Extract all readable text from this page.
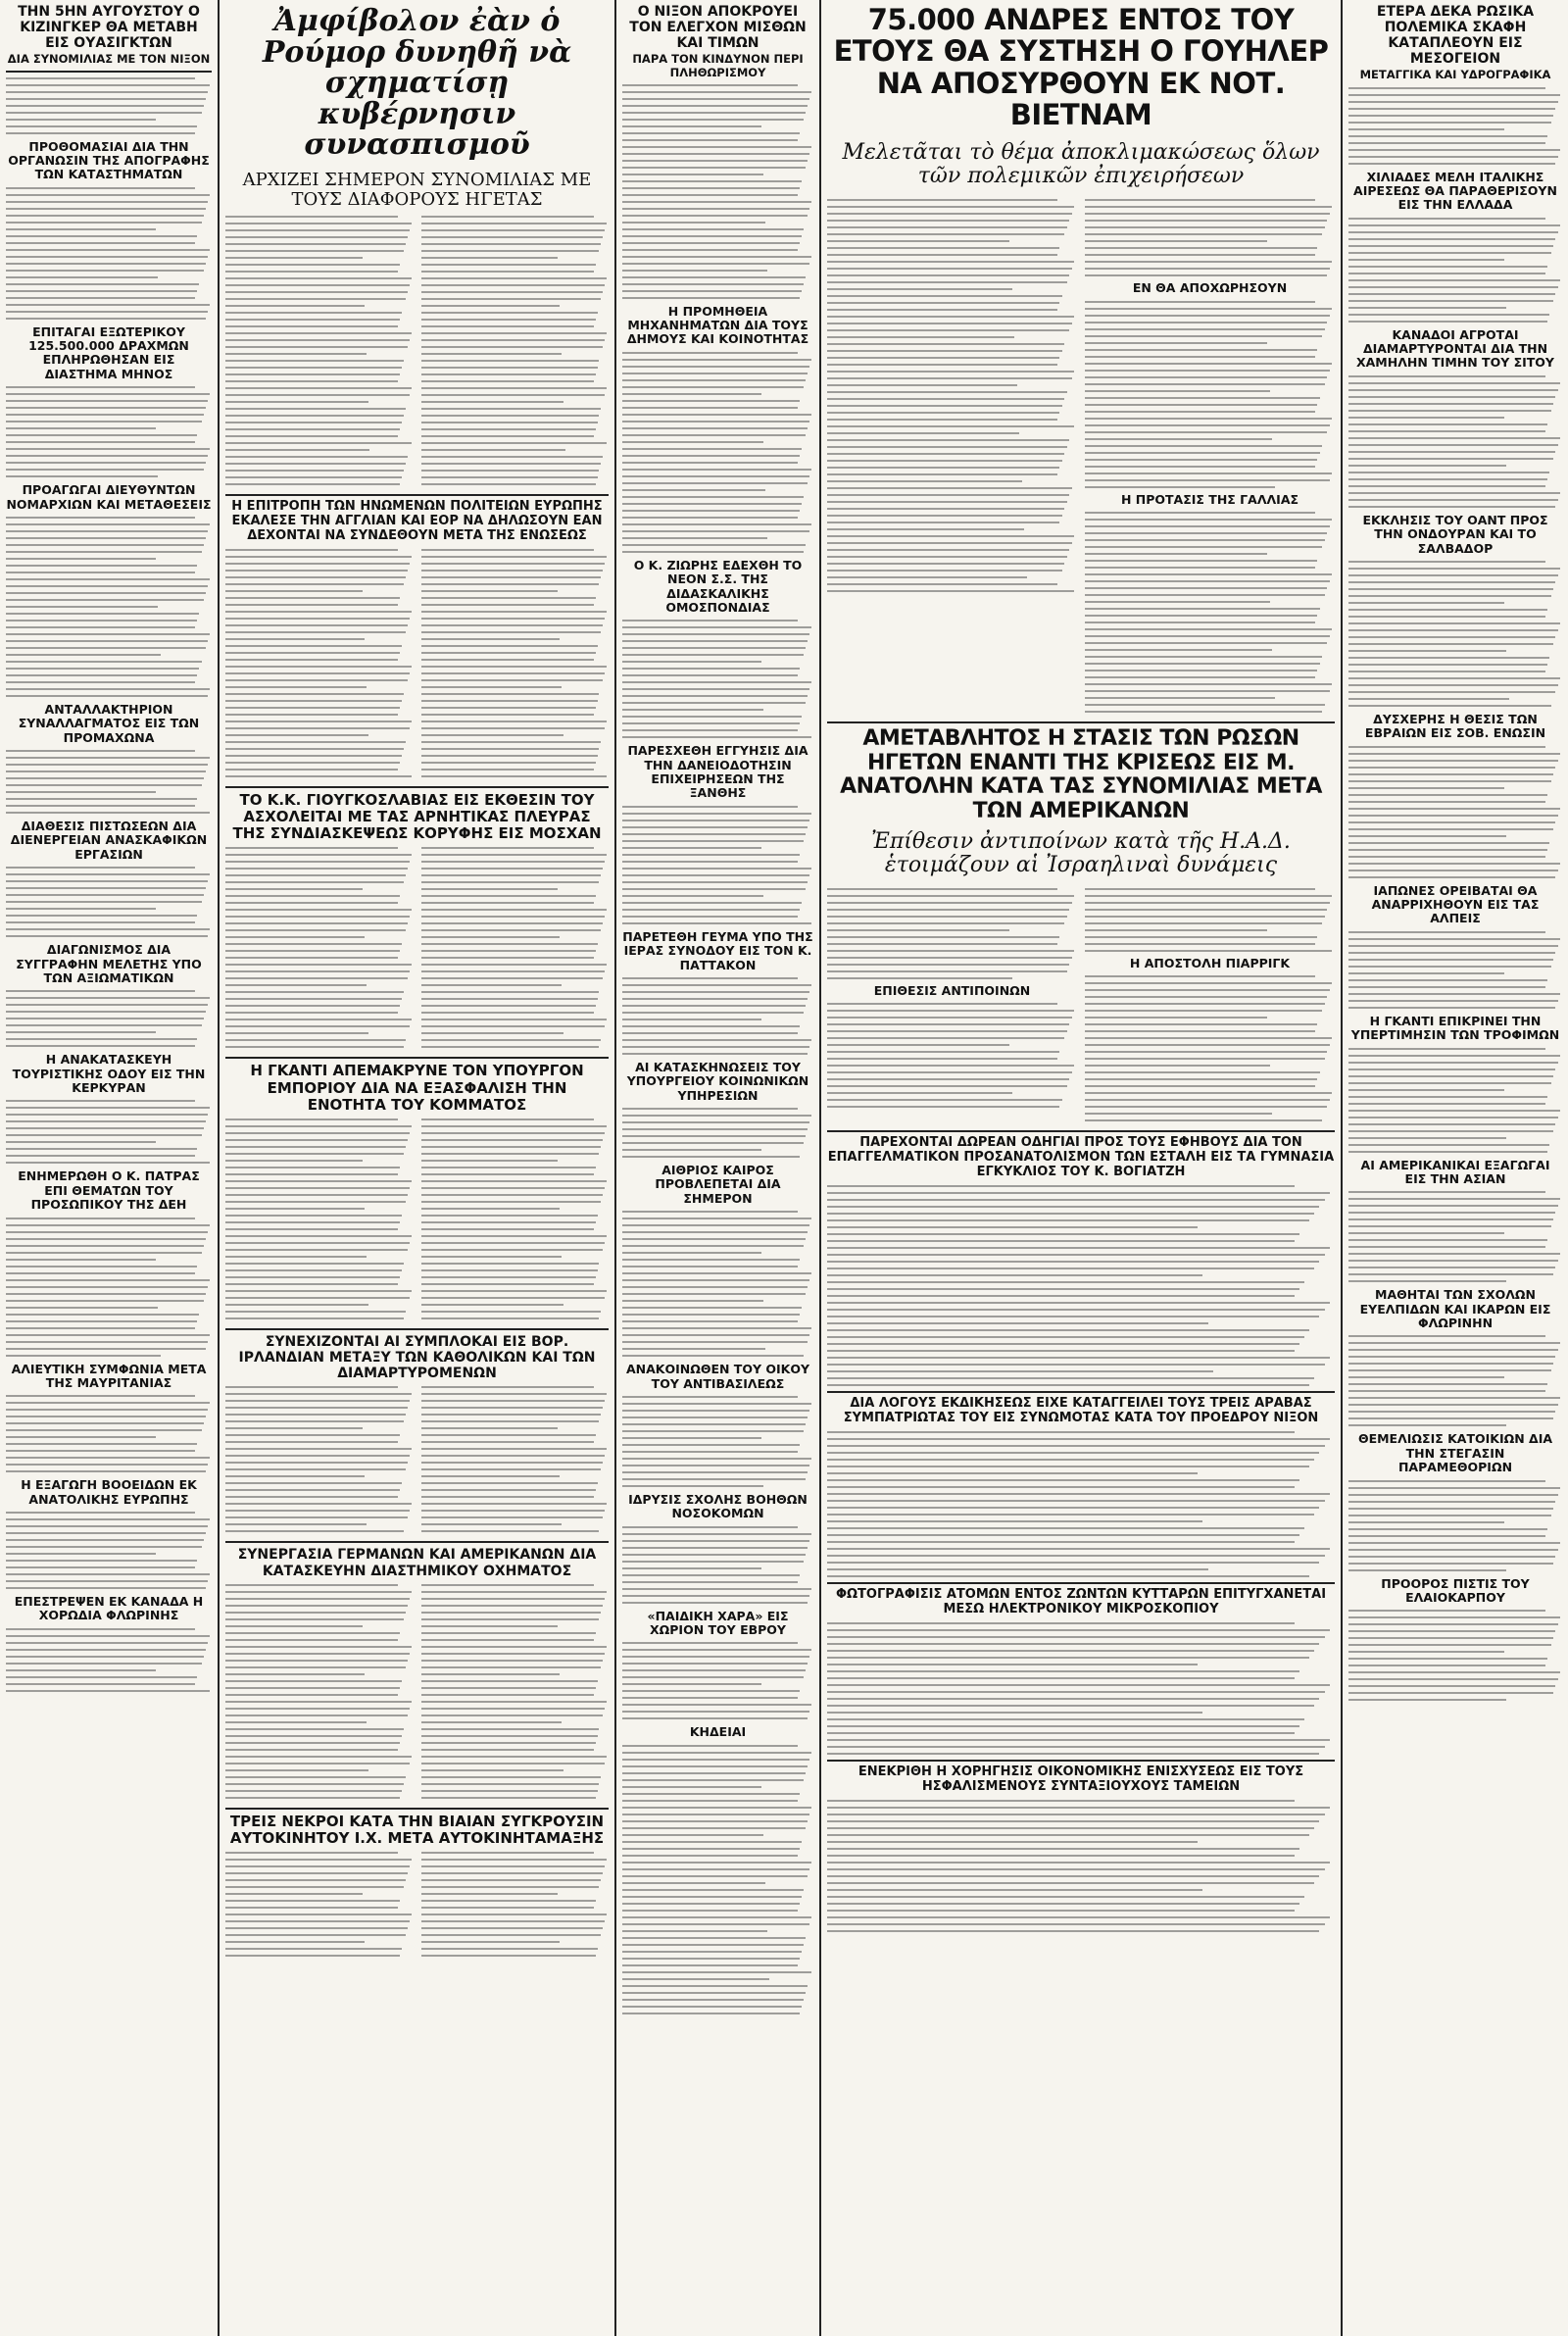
ΤΗΝ 5ΗΝ ΑΥΓΟΥΣΤΟΥ Ο ΚΙΖΙΝΓΚΕΡ ΘΑ ΜΕΤΑΒΗ ΕΙΣ ΟΥΑΣΙΓΚΤΩΝ
ΔΙΑ ΣΥΝΟΜΙΛΙΑΣ ΜΕ ΤΟΝ ΝΙΞΟΝ
ΠΡΟΘΟΜΑΣΙΑΙ ΔΙΑ ΤΗΝ ΟΡΓΑΝΩΣΙΝ ΤΗΣ ΑΠΟΓΡΑΦΗΣ ΤΩΝ ΚΑΤΑΣΤΗΜΑΤΩΝ
ΕΠΙΤΑΓΑΙ ΕΞΩΤΕΡΙΚΟΥ 125.500.000 ΔΡΑΧΜΩΝ ΕΠΛΗΡΩΘΗΣΑΝ ΕΙΣ ΔΙΑΣΤΗΜΑ ΜΗΝΟΣ
ΠΡΟΑΓΩΓΑΙ ΔΙΕΥΘΥΝΤΩΝ ΝΟΜΑΡΧΙΩΝ ΚΑΙ ΜΕΤΑΘΕΣΕΙΣ
ΑΝΤΑΛΛΑΚΤΗΡΙΟΝ ΣΥΝΑΛΛΑΓΜΑΤΟΣ ΕΙΣ ΤΩΝ ΠΡΟΜΑΧΩΝΑ
ΔΙΑΘΕΣΙΣ ΠΙΣΤΩΣΕΩΝ ΔΙΑ ΔΙΕΝΕΡΓΕΙΑΝ ΑΝΑΣΚΑΦΙΚΩΝ ΕΡΓΑΣΙΩΝ
ΔΙΑΓΩΝΙΣΜΟΣ ΔΙΑ ΣΥΓΓΡΑΦΗΝ ΜΕΛΕΤΗΣ ΥΠΟ ΤΩΝ ΑΞΙΩΜΑΤΙΚΩΝ
Η ΑΝΑΚΑΤΑΣΚΕΥΗ ΤΟΥΡΙΣΤΙΚΗΣ ΟΔΟΥ ΕΙΣ ΤΗΝ ΚΕΡΚΥΡΑΝ
ΕΝΗΜΕΡΩΘΗ Ο Κ. ΠΑΤΡΑΣ ΕΠΙ ΘΕΜΑΤΩΝ ΤΟΥ ΠΡΟΣΩΠΙΚΟΥ ΤΗΣ ΔΕΗ
ΑΛΙΕΥΤΙΚΗ ΣΥΜΦΩΝΙΑ ΜΕΤΑ ΤΗΣ ΜΑΥΡΙΤΑΝΙΑΣ
Η ΕΞΑΓΩΓΗ ΒΟΟΕΙΔΩΝ ΕΚ ΑΝΑΤΟΛΙΚΗΣ ΕΥΡΩΠΗΣ
ΕΠΕΣΤΡΕΨΕΝ ΕΚ ΚΑΝΑΔΑ Η ΧΟΡΩΔΙΑ ΦΛΩΡΙΝΗΣ
Ἀμφίβολον ἐὰν ὁ Ρούμορ δυνηθῆ νὰ σχηματίσῃ κυβέρνησιν συνασπισμοῦ
ΑΡΧΙΖΕΙ ΣΗΜΕΡΟΝ ΣΥΝΟΜΙΛΙΑΣ ΜΕ ΤΟΥΣ ΔΙΑΦΟΡΟΥΣ ΗΓΕΤΑΣ
Η ΕΠΙΤΡΟΠΗ ΤΩΝ ΗΝΩΜΕΝΩΝ ΠΟΛΙΤΕΙΩΝ ΕΥΡΩΠΗΣ ΕΚΑΛΕΣΕ ΤΗΝ ΑΓΓΛΙΑΝ ΚΑΙ ΕΟΡ ΝΑ ΔΗΛΩΣΟΥΝ ΕΑΝ ΔΕΧΟΝΤΑΙ ΝΑ ΣΥΝΔΕΘΟΥΝ ΜΕΤΑ ΤΗΣ ΕΝΩΣΕΩΣ
ΤΟ Κ.Κ. ΓΙΟΥΓΚΟΣΛΑΒΙΑΣ ΕΙΣ ΕΚΘΕΣΙΝ ΤΟΥ ΑΣΧΟΛΕΙΤΑΙ ΜΕ ΤΑΣ ΑΡΝΗΤΙΚΑΣ ΠΛΕΥΡΑΣ ΤΗΣ ΣΥΝΔΙΑΣΚΕΨΕΩΣ ΚΟΡΥΦΗΣ ΕΙΣ ΜΟΣΧΑΝ
Η ΓΚΑΝΤΙ ΑΠΕΜΑΚΡΥΝΕ ΤΟΝ ΥΠΟΥΡΓΟΝ ΕΜΠΟΡΙΟΥ ΔΙΑ ΝΑ ΕΞΑΣΦΑΛΙΣΗ ΤΗΝ ΕΝΟΤΗΤΑ ΤΟΥ ΚΟΜΜΑΤΟΣ
ΣΥΝΕΧΙΖΟΝΤΑΙ ΑΙ ΣΥΜΠΛΟΚΑΙ ΕΙΣ ΒΟΡ. ΙΡΛΑΝΔΙΑΝ ΜΕΤΑΞΥ ΤΩΝ ΚΑΘΟΛΙΚΩΝ ΚΑΙ ΤΩΝ ΔΙΑΜΑΡΤΥΡΟΜΕΝΩΝ
ΣΥΝΕΡΓΑΣΙΑ ΓΕΡΜΑΝΩΝ ΚΑΙ ΑΜΕΡΙΚΑΝΩΝ ΔΙΑ ΚΑΤΑΣΚΕΥΗΝ ΔΙΑΣΤΗΜΙΚΟΥ ΟΧΗΜΑΤΟΣ
ΤΡΕΙΣ ΝΕΚΡΟΙ ΚΑΤΑ ΤΗΝ ΒΙΑΙΑΝ ΣΥΓΚΡΟΥΣΙΝ ΑΥΤΟΚΙΝΗΤΟΥ Ι.Χ. ΜΕΤΑ ΑΥΤΟΚΙΝΗΤΑΜΑΞΗΣ
Ο ΝΙΞΟΝ ΑΠΟΚΡΟΥΕΙ ΤΟΝ ΕΛΕΓΧΟΝ ΜΙΣΘΩΝ ΚΑΙ ΤΙΜΩΝ
ΠΑΡΑ ΤΟΝ ΚΙΝΔΥΝΟΝ ΠΕΡΙ ΠΛΗΘΩΡΙΣΜΟΥ
Η ΠΡΟΜΗΘΕΙΑ ΜΗΧΑΝΗΜΑΤΩΝ ΔΙΑ ΤΟΥΣ ΔΗΜΟΥΣ ΚΑΙ ΚΟΙΝΟΤΗΤΑΣ
Ο Κ. ΖΙΩΡΗΣ ΕΔΕΧΘΗ ΤΟ ΝΕΟΝ Σ.Σ. ΤΗΣ ΔΙΔΑΣΚΑΛΙΚΗΣ ΟΜΟΣΠΟΝΔΙΑΣ
ΠΑΡΕΣΧΕΘΗ ΕΓΓΥΗΣΙΣ ΔΙΑ ΤΗΝ ΔΑΝΕΙΟΔΟΤΗΣΙΝ ΕΠΙΧΕΙΡΗΣΕΩΝ ΤΗΣ ΞΑΝΘΗΣ
ΠΑΡΕΤΕΘΗ ΓΕΥΜΑ ΥΠΟ ΤΗΣ ΙΕΡΑΣ ΣΥΝΟΔΟΥ ΕΙΣ ΤΟΝ Κ. ΠΑΤΤΑΚΟΝ
ΑΙ ΚΑΤΑΣΚΗΝΩΣΕΙΣ ΤΟΥ ΥΠΟΥΡΓΕΙΟΥ ΚΟΙΝΩΝΙΚΩΝ ΥΠΗΡΕΣΙΩΝ
ΑΙΘΡΙΟΣ ΚΑΙΡΟΣ ΠΡΟΒΛΕΠΕΤΑΙ ΔΙΑ ΣΗΜΕΡΟΝ
ΑΝΑΚΟΙΝΩΘΕΝ ΤΟΥ ΟΙΚΟΥ ΤΟΥ ΑΝΤΙΒΑΣΙΛΕΩΣ
ΙΔΡΥΣΙΣ ΣΧΟΛΗΣ ΒΟΗΘΩΝ ΝΟΣΟΚΟΜΩΝ
«ΠΑΙΔΙΚΗ ΧΑΡΑ» ΕΙΣ ΧΩΡΙΟΝ ΤΟΥ ΕΒΡΟΥ
ΚΗΔΕΙΑΙ
75.000 ΑΝΔΡΕΣ ΕΝΤΟΣ ΤΟΥ ΕΤΟΥΣ ΘΑ ΣΥΣΤΗΣΗ Ο ΓΟΥΗΛΕΡ ΝΑ ΑΠΟΣΥΡΘΟΥΝ ΕΚ ΝΟΤ. ΒΙΕΤΝΑΜ
Μελετᾶται τὸ θέμα ἀποκλιμακώσεως ὅλων τῶν πολεμικῶν ἐπιχειρήσεων
ΕΝ ΘΑ ΑΠΟΧΩΡΗΣΟΥΝ
Η ΠΡΟΤΑΣΙΣ ΤΗΣ ΓΑΛΛΙΑΣ
ΑΜΕΤΑΒΛΗΤΟΣ Η ΣΤΑΣΙΣ ΤΩΝ ΡΩΣΩΝ ΗΓΕΤΩΝ ΕΝΑΝΤΙ ΤΗΣ ΚΡΙΣΕΩΣ ΕΙΣ Μ. ΑΝΑΤΟΛΗΝ ΚΑΤΑ ΤΑΣ ΣΥΝΟΜΙΛΙΑΣ ΜΕΤΑ ΤΩΝ ΑΜΕΡΙΚΑΝΩΝ
Ἐπίθεσιν ἀντιποίνων κατὰ τῆς Η.Α.Δ. ἑτοιμάζουν αἱ Ἰσραηλιναὶ δυνάμεις
ΕΠΙΘΕΣΙΣ ΑΝΤΙΠΟΙΝΩΝ
Η ΑΠΟΣΤΟΛΗ ΠΙΑΡΡΙΓΚ
ΠΑΡΕΧΟΝΤΑΙ ΔΩΡΕΑΝ ΟΔΗΓΙΑΙ ΠΡΟΣ ΤΟΥΣ ΕΦΗΒΟΥΣ ΔΙΑ ΤΟΝ ΕΠΑΓΓΕΛΜΑΤΙΚΟΝ ΠΡΟΣΑΝΑΤΟΛΙΣΜΟΝ ΤΩΝ ΕΣΤΑΛΗ ΕΙΣ ΤΑ ΓΥΜΝΑΣΙΑ ΕΓΚΥΚΛΙΟΣ ΤΟΥ Κ. ΒΟΓΙΑΤΖΗ
ΔΙΑ ΛΟΓΟΥΣ ΕΚΔΙΚΗΣΕΩΣ ΕΙΧΕ ΚΑΤΑΓΓΕΙΛΕΙ ΤΟΥΣ ΤΡΕΙΣ ΑΡΑΒΑΣ ΣΥΜΠΑΤΡΙΩΤΑΣ ΤΟΥ ΕΙΣ ΣΥΝΩΜΟΤΑΣ ΚΑΤΑ ΤΟΥ ΠΡΟΕΔΡΟΥ ΝΙΞΟΝ
ΦΩΤΟΓΡΑΦΙΣΙΣ ΑΤΟΜΩΝ ΕΝΤΟΣ ΖΩΝΤΩΝ ΚΥΤΤΑΡΩΝ ΕΠΙΤΥΓΧΑΝΕΤΑΙ ΜΕΣΩ ΗΛΕΚΤΡΟΝΙΚΟΥ ΜΙΚΡΟΣΚΟΠΙΟΥ
ΕΝΕΚΡΙΘΗ Η ΧΟΡΗΓΗΣΙΣ ΟΙΚΟΝΟΜΙΚΗΣ ΕΝΙΣΧΥΣΕΩΣ ΕΙΣ ΤΟΥΣ ΗΣΦΑΛΙΣΜΕΝΟΥΣ ΣΥΝΤΑΞΙΟΥΧΟΥΣ ΤΑΜΕΙΩΝ
ΕΤΕΡΑ ΔΕΚΑ ΡΩΣΙΚΑ ΠΟΛΕΜΙΚΑ ΣΚΑΦΗ ΚΑΤΑΠΛΕΟΥΝ ΕΙΣ ΜΕΣΟΓΕΙΟΝ
ΜΕΤΑΓΓΙΚΑ ΚΑΙ ΥΔΡΟΓΡΑΦΙΚΑ
ΧΙΛΙΑΔΕΣ ΜΕΛΗ ΙΤΑΛΙΚΗΣ ΑΙΡΕΣΕΩΣ ΘΑ ΠΑΡΑΘΕΡΙΣΟΥΝ ΕΙΣ ΤΗΝ ΕΛΛΑΔΑ
ΚΑΝΑΔΟΙ ΑΓΡΟΤΑΙ ΔΙΑΜΑΡΤΥΡΟΝΤΑΙ ΔΙΑ ΤΗΝ ΧΑΜΗΛΗΝ ΤΙΜΗΝ ΤΟΥ ΣΙΤΟΥ
ΕΚΚΛΗΣΙΣ ΤΟΥ ΟΑΝΤ ΠΡΟΣ ΤΗΝ ΟΝΔΟΥΡΑΝ ΚΑΙ ΤΟ ΣΑΛΒΑΔΟΡ
ΔΥΣΧΕΡΗΣ Η ΘΕΣΙΣ ΤΩΝ ΕΒΡΑΙΩΝ ΕΙΣ ΣΟΒ. ΕΝΩΣΙΝ
ΙΑΠΩΝΕΣ ΟΡΕΙΒΑΤΑΙ ΘΑ ΑΝΑΡΡΙΧΗΘΟΥΝ ΕΙΣ ΤΑΣ ΑΛΠΕΙΣ
Η ΓΚΑΝΤΙ ΕΠΙΚΡΙΝΕΙ ΤΗΝ ΥΠΕΡΤΙΜΗΣΙΝ ΤΩΝ ΤΡΟΦΙΜΩΝ
ΑΙ ΑΜΕΡΙΚΑΝΙΚΑΙ ΕΞΑΓΩΓΑΙ ΕΙΣ ΤΗΝ ΑΣΙΑΝ
ΜΑΘΗΤΑΙ ΤΩΝ ΣΧΟΛΩΝ ΕΥΕΛΠΙΔΩΝ ΚΑΙ ΙΚΑΡΩΝ ΕΙΣ ΦΛΩΡΙΝΗΝ
ΘΕΜΕΛΙΩΣΙΣ ΚΑΤΟΙΚΙΩΝ ΔΙΑ ΤΗΝ ΣΤΕΓΑΣΙΝ ΠΑΡΑΜΕΘΟΡΙΩΝ
ΠΡΟΟΡΟΣ ΠΙΣΤΙΣ ΤΟΥ ΕΛΑΙΟΚΑΡΠΟΥ
